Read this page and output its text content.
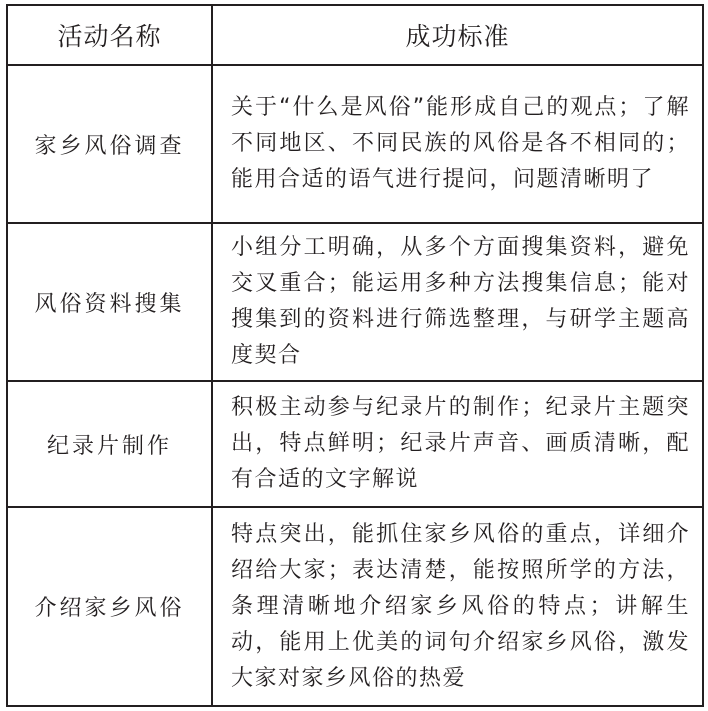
活动名称	成功标准
家乡风俗调查	关于“什么是风俗”能形成自己的观点；了解不同地区、不同民族的风俗是各不相同的；能用合适的语气进行提问，问题清晰明了
风俗资料搜集	小组分工明确，从多个方面搜集资料，避免交叉重合；能运用多种方法搜集信息；能对搜集到的资料进行筛选整理，与研学主题高度契合
纪录片制作	积极主动参与纪录片的制作；纪录片主题突出，特点鲜明；纪录片声音、画质清晰，配有合适的文字解说
介绍家乡风俗	特点突出，能抓住家乡风俗的重点，详细介绍给大家；表达清楚，能按照所学的方法，条理清晰地介绍家乡风俗的特点；讲解生动，能用上优美的词句介绍家乡风俗，激发大家对家乡风俗的热爱
